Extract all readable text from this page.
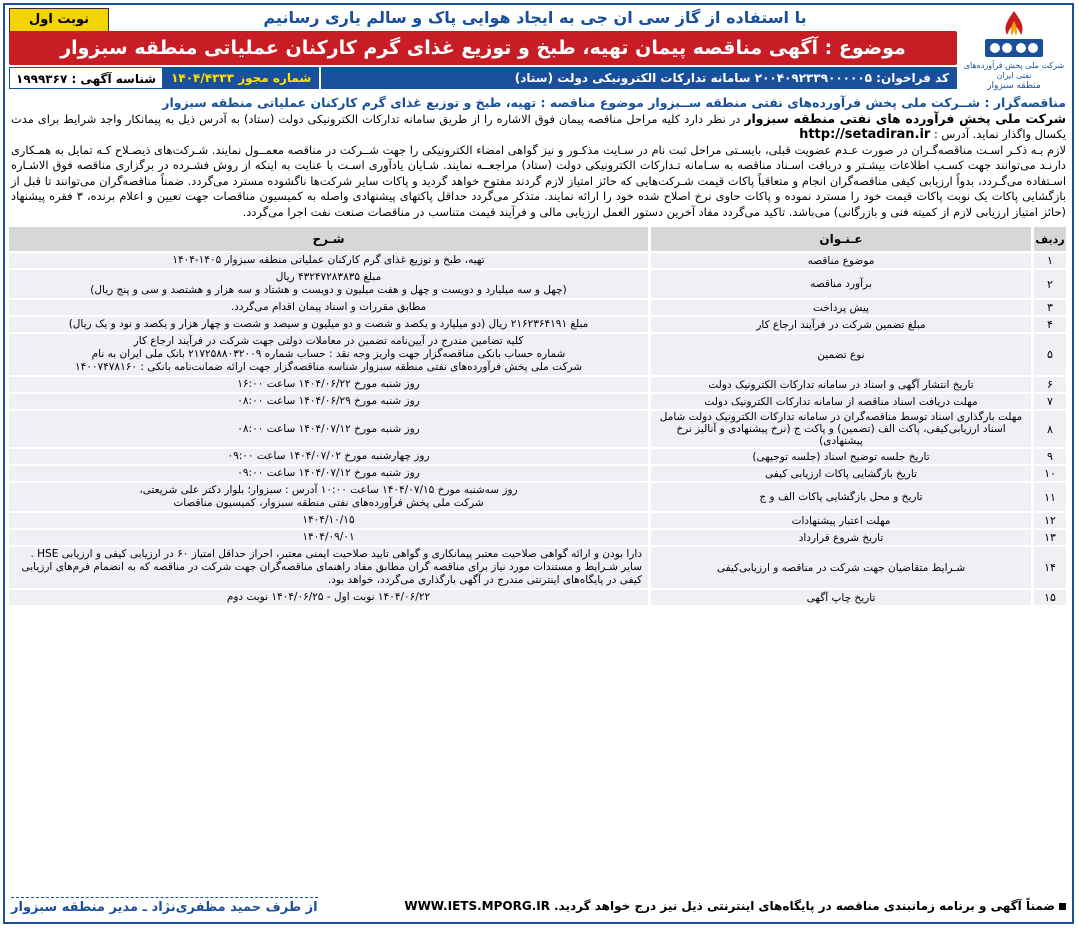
شرکت ملی پخش فرآورده‌های نفتی ایران
منطقه سبزوار
با استفاده از گاز سی ان جی به ایجاد هوایی پاک و سالم یاری رسانیم
نوبت اول
موضوع : آگهی مناقصه پیمان تهیه، طبخ و توزیع غذای گرم کارکنان عملیاتی منطقه سبزوار
کد فراخوان: ۲۰۰۴۰۹۲۳۳۹۰۰۰۰۰۵ سامانه تدارکات الکترونیکی دولت (ستاد)
شماره مجوز ۱۴۰۴/۴۳۳۳
شناسه آگهی : ۱۹۹۹۳۶۷

مناقصه‌گزار : شــرکت ملی پخش فرآورده‌های نفتی منطقه ســبزوار موضوع مناقصه : تهیه، طبخ و توزیع غذای گرم کارکنان عملیاتی منطقه سبزوار

شرکت ملی پخش فرآورده های نفتی منطقه سبزوار در نظر دارد کلیه مراحل مناقصه پیمان فوق الاشاره را از طریق سامانه تدارکات الکترونیکی دولت (ستاد) به آدرس ذیل به پیمانکار واجد شرایط برای مدت یکسال واگذار نماید. آدرس : http://setadiran.ir

لازم بـه ذکـر اسـت مناقصه‌گـران در صورت عـدم عضویت قبلی، بایسـتی مراحل ثبت نام در سـایت مذکـور و نیز گواهی امضاء الکترونیکی را جهت شــرکت در مناقصه معمــول نمایند. شـرکت‌های ذیصـلاح کـه تمایل به همـکاری دارنـد می‌توانند جهت کسـب اطلاعات بیشـتر و دریافت اسـناد مناقصه به سـامانه تـدارکات الکترونیکی دولت (ستاد) مراجعــه نمایند. شـایان یادآوری اسـت با عنایت به اینکه از روش فشـرده در برگزاری مناقصه فوق الاشـاره اسـتفاده می‌گـردد، بدواً ارزیابی کیفی مناقصه‌گران انجام و متعاقباً پاکات قیمت شـرکت‌هایی که حائز امتیاز لازم گردند مفتوح خواهد گردید و پاکات سایر شرکت‌ها ناگشوده مسترد می‌گردد. ضمناً مناقصه‌گران می‌توانند تا قبل از بازگشایی پاکات یک نوبت پاکات قیمت خود را مسترد نموده و پاکات حاوی نرخ اصلاح شده خود را ارائه نمایند. متذکر می‌گردد حداقل پاکتهای پیشنهادی واصله به کمیسیون مناقصات جهت تعیین و اعلام برنده، ۳ فقره پیشنهاد (حائز امتیاز ارزیابی لازم از کمیته فنی و بازرگانی) می‌باشد. تاکید می‌گردد مفاد آخرین دستور العمل ارزیابی مالی و فرآیند قیمت متناسب در مناقصات صنعت نفت اجرا می‌گردد.

ردیف	عـنـوان	شـرح
۱	موضوع مناقصه	تهیه، طبخ و توزیع غذای گرم کارکنان عملیاتی منطقه سبزوار ۱۴۰۵-۱۴۰۴
۲	برآورد مناقصه	مبلغ ۴۳۲۴۷۲۸۳۸۳۵ ریال
(چهل و سه میلیارد و دویست و چهل و هفت میلیون و دویست و هشتاد و سه هزار و هشتصد و سی و پنج ریال)
۳	پیش پرداخت	مطابق مقررات و اسناد پیمان اقدام می‌گردد.
۴	مبلغ تضمین شرکت در فرآیند ارجاع کار	مبلغ ۲۱۶۲۳۶۴۱۹۱ ریال (دو میلیارد و یکصد و شصت و دو میلیون و سیصد و شصت و چهار هزار و یکصد و نود و یک ریال)
۵	نوع تضمین	کلیه تضامین مندرج در آیین‌نامه تضمین در معاملات دولتی جهت شرکت در فرآیند ارجاع کار
شماره حساب بانکی مناقصه‌گزار جهت واریز وجه نقد : حساب شماره ۲۱۷۲۵۸۸۰۳۲۰۰۹ بانک ملی ایران به نام
شرکت ملی پخش فرآورده‌های نفتی منطقه سبزوار شناسه مناقصه‌گزار جهت ارائه ضمانت‌نامه بانکی : ۱۴۰۰۷۴۷۸۱۶۰
۶	تاریخ انتشار آگهی و اسناد در سامانه تدارکات الکترونیک دولت	روز شنبه مورخ ۱۴۰۴/۰۶/۲۲ ساعت ۱۶:۰۰
۷	مهلت دریافت اسناد مناقصه از سامانه تدارکات الکترونیک دولت	روز شنبه مورخ ۱۴۰۴/۰۶/۲۹ ساعت ۰۸:۰۰
۸	مهلت بارگذاری اسناد توسط مناقصه‌گران در سامانه تدارکات الکترونیک دولت شامل اسناد ارزیابی‌کیفی، پاکت الف (تضمین) و پاکت ج (نرخ پیشنهادی و آنالیز نرخ پیشنهادی)	روز شنبه مورخ ۱۴۰۴/۰۷/۱۲ ساعت ۰۸:۰۰
۹	تاریخ جلسه توضیح اسناد (جلسه توجیهی)	روز چهارشنبه مورخ ۱۴۰۴/۰۷/۰۲ ساعت ۰۹:۰۰
۱۰	تاریخ بازگشایی پاکات ارزیابی کیفی	روز شنبه مورخ ۱۴۰۴/۰۷/۱۲ ساعت ۰۹:۰۰
۱۱	تاریخ و محل بازگشایی پاکات الف و ج	روز سه‌شنبه مورخ ۱۴۰۴/۰۷/۱۵ ساعت ۱۰:۰۰ آدرس : سبزوار؛ بلوار دکتر علی شریعتی،
شرکت ملی پخش فرآورده‌های نفتی منطقه سبزوار، کمیسیون مناقصات
۱۲	مهلت اعتبار پیشنهادات	۱۴۰۴/۱۰/۱۵
۱۳	تاریخ شروع قرارداد	۱۴۰۴/۰۹/۰۱
۱۴	شـرایط متقاضیان جهت شرکت در مناقصه و ارزیابی‌کیفی	دارا بودن و ارائه گواهی صلاحیت معتبر پیمانکاری و گواهی تایید صلاحیت ایمنی معتبر، احراز حداقل امتیاز ۶۰ در ارزیابی کیفی و ارزیابی HSE . سایر شـرایط و مستندات مورد نیاز برای مناقصه گران مطابق مفاد راهنمای مناقصه‌گران جهت شرکت در مناقصه که به انضمام فرم‌های ارزیابی کیفی در پایگاه‌های اینترنتی مندرج در آگهی بارگذاری می‌گردد، خواهد بود.
۱۵	تاریخ چاپ آگهی	۱۴۰۴/۰۶/۲۲ نوبت اول - ۱۴۰۴/۰۶/۲۵ نوبت دوم
ضمناً آگهی و برنامه زمانبندی مناقصه در پایگاه‌های اینترنتی ذیل نیز درج خواهد گردید.
WWW.IETS.MPORG.IR
از طرف حمید مظفری‌نژاد ـ مدیر منطقه سبزوار
